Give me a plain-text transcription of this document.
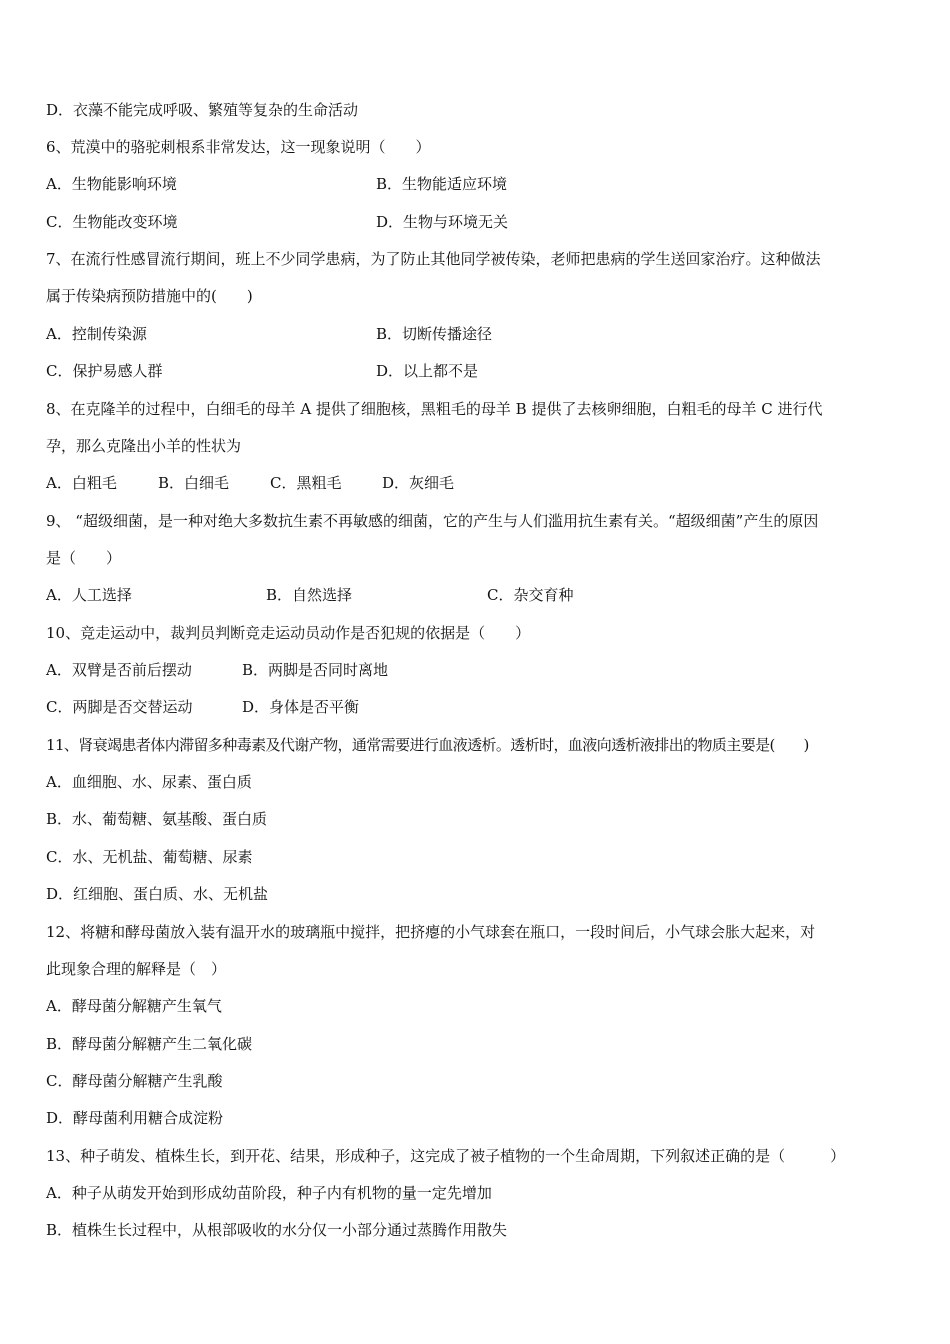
D．衣藻不能完成呼吸、繁殖等复杂的生命活动
6、荒漠中的骆驼刺根系非常发达，这一现象说明（　　）
A．生物能影响环境	B．生物能适应环境
C．生物能改变环境	D．生物与环境无关
7、在流行性感冒流行期间，班上不少同学患病，为了防止其他同学被传染，老师把患病的学生送回家治疗。这种做法
属于传染病预防措施中的(　　)
A．控制传染源	B．切断传播途径
C．保护易感人群	D．以上都不是
8、在克隆羊的过程中，白细毛的母羊 A 提供了细胞核，黑粗毛的母羊 B 提供了去核卵细胞，白粗毛的母羊 C 进行代
孕，那么克隆出小羊的性状为
A．白粗毛	B．白细毛	C．黑粗毛	D．灰细毛
9、 “超级细菌，是一种对绝大多数抗生素不再敏感的细菌，它的产生与人们滥用抗生素有关。“超级细菌”产生的原因
是（　　）
A．人工选择	B．自然选择	C．杂交育种
10、竞走运动中，裁判员判断竞走运动员动作是否犯规的依据是（　　）
A．双臂是否前后摆动	B．两脚是否同时离地
C．两脚是否交替运动	D．身体是否平衡
11、肾衰竭患者体内滞留多种毒素及代谢产物，通常需要进行血液透析。透析时，血液向透析液排出的物质主要是(　　)
A．血细胞、水、尿素、蛋白质
B．水、葡萄糖、氨基酸、蛋白质
C．水、无机盐、葡萄糖、尿素
D．红细胞、蛋白质、水、无机盐
12、将糖和酵母菌放入装有温开水的玻璃瓶中搅拌，把挤瘪的小气球套在瓶口，一段时间后，小气球会胀大起来，对
此现象合理的解释是（　）
A．酵母菌分解糖产生氧气
B．酵母菌分解糖产生二氧化碳
C．酵母菌分解糖产生乳酸
D．酵母菌利用糖合成淀粉
13、种子萌发、植株生长，到开花、结果，形成种子，这完成了被子植物的一个生命周期，下列叙述正确的是（　　　）
A．种子从萌发开始到形成幼苗阶段，种子内有机物的量一定先增加
B．植株生长过程中，从根部吸收的水分仅一小部分通过蒸腾作用散失
